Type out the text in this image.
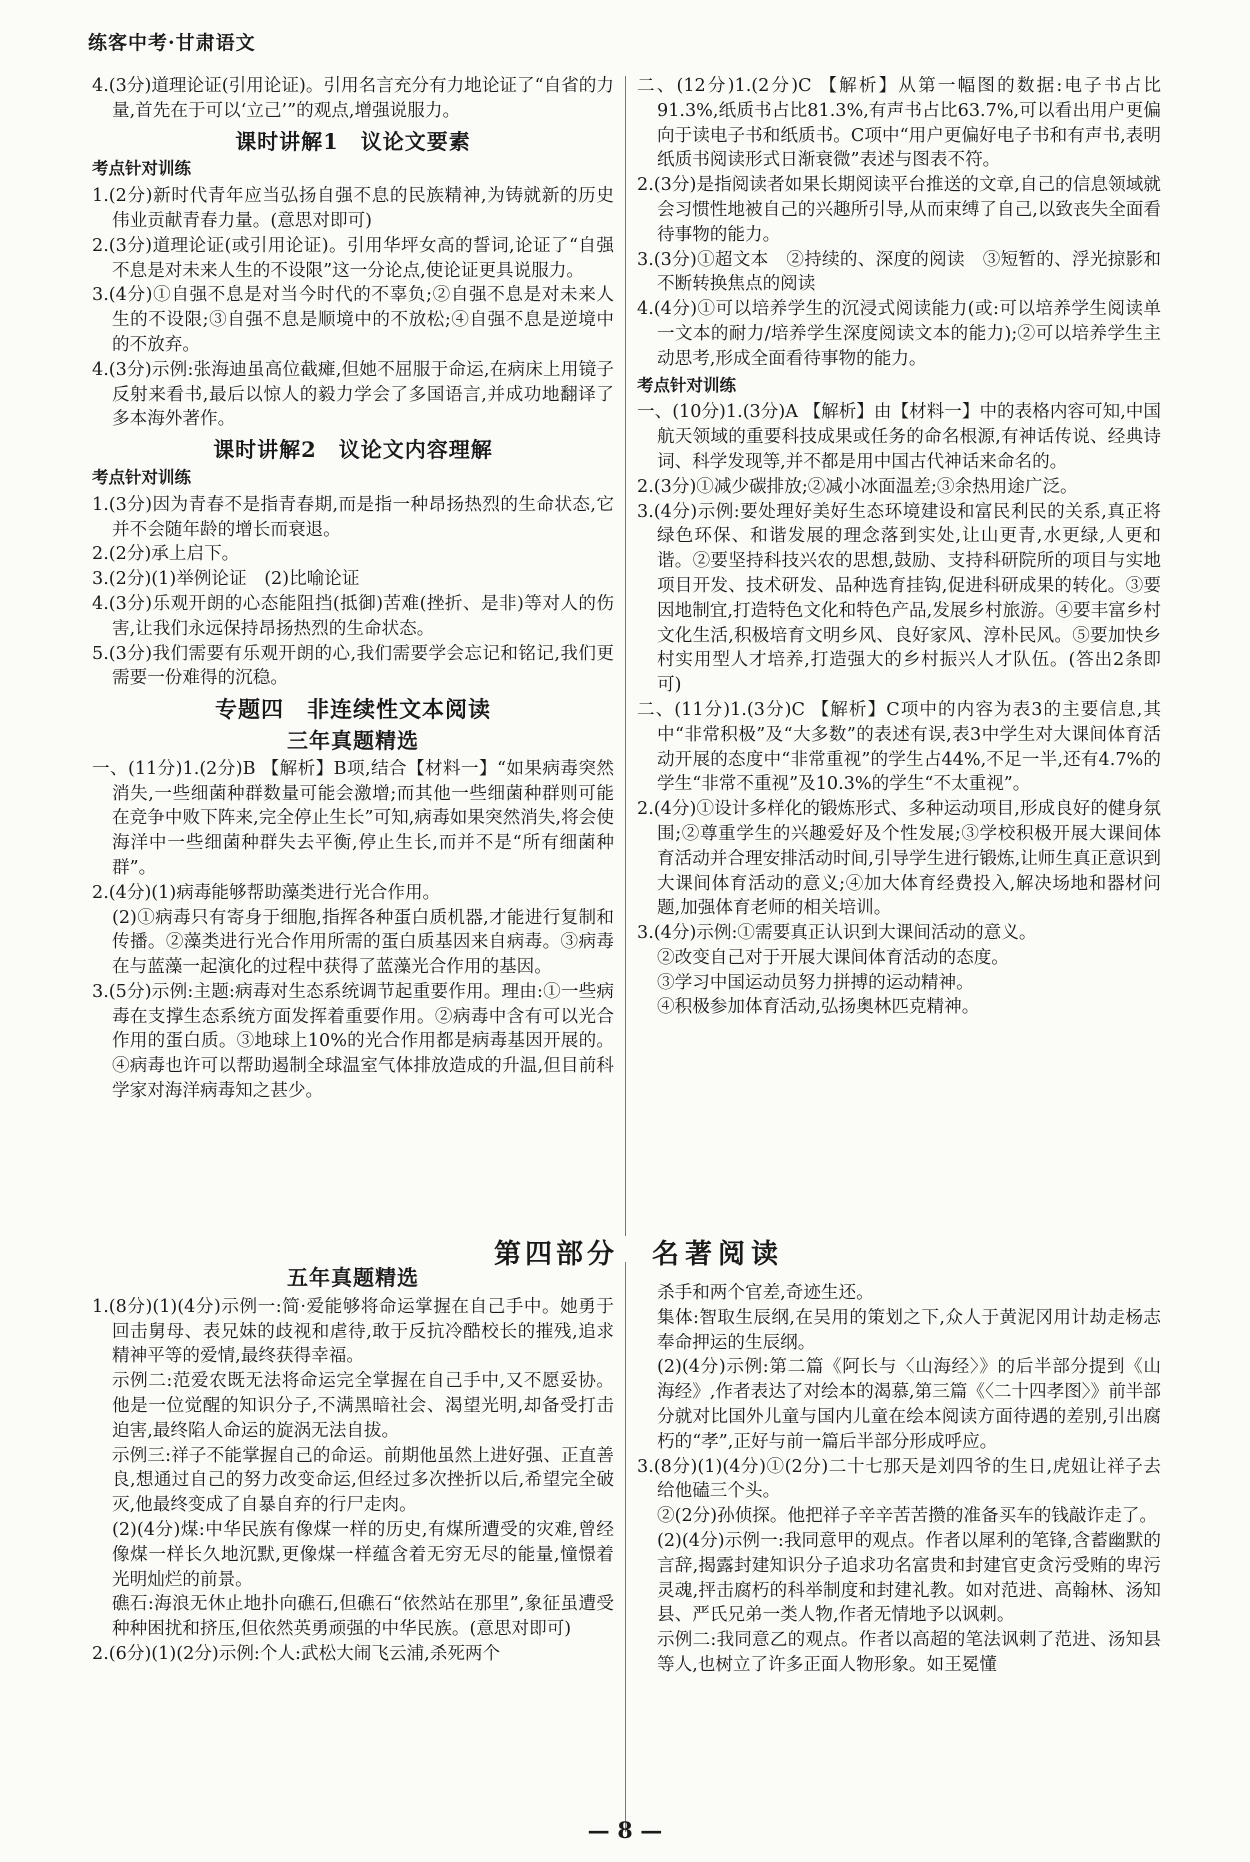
练客中考·甘肃语文

4.(3分)道理论证(引用论证)。引用名言充分有力地论证了“自省的力量,首先在于可以‘立己’”的观点,增强说服力。

课时讲解1　议论文要素

考点针对训练

1.(2分)新时代青年应当弘扬自强不息的民族精神,为铸就新的历史伟业贡献青春力量。(意思对即可)

2.(3分)道理论证(或引用论证)。引用华坪女高的誓词,论证了“自强不息是对未来人生的不设限”这一分论点,使论证更具说服力。

3.(4分)①自强不息是对当今时代的不辜负;②自强不息是对未来人生的不设限;③自强不息是顺境中的不放松;④自强不息是逆境中的不放弃。

4.(3分)示例:张海迪虽高位截瘫,但她不屈服于命运,在病床上用镜子反射来看书,最后以惊人的毅力学会了多国语言,并成功地翻译了多本海外著作。

课时讲解2　议论文内容理解

考点针对训练

1.(3分)因为青春不是指青春期,而是指一种昂扬热烈的生命状态,它并不会随年龄的增长而衰退。

2.(2分)承上启下。

3.(2分)(1)举例论证　(2)比喻论证

4.(3分)乐观开朗的心态能阻挡(抵御)苦难(挫折、是非)等对人的伤害,让我们永远保持昂扬热烈的生命状态。

5.(3分)我们需要有乐观开朗的心,我们需要学会忘记和铭记,我们更需要一份难得的沉稳。

专题四　非连续性文本阅读
三年真题精选

一、(11分)1.(2分)B 【解析】B项,结合【材料一】“如果病毒突然消失,一些细菌种群数量可能会激增;而其他一些细菌种群则可能在竞争中败下阵来,完全停止生长”可知,病毒如果突然消失,将会使海洋中一些细菌种群失去平衡,停止生长,而并不是“所有细菌种群”。

2.(4分)(1)病毒能够帮助藻类进行光合作用。

(2)①病毒只有寄身于细胞,指挥各种蛋白质机器,才能进行复制和传播。②藻类进行光合作用所需的蛋白质基因来自病毒。③病毒在与蓝藻一起演化的过程中获得了蓝藻光合作用的基因。

3.(5分)示例:主题:病毒对生态系统调节起重要作用。理由:①一些病毒在支撑生态系统方面发挥着重要作用。②病毒中含有可以光合作用的蛋白质。③地球上10%的光合作用都是病毒基因开展的。④病毒也许可以帮助遏制全球温室气体排放造成的升温,但目前科学家对海洋病毒知之甚少。

二、(12分)1.(2分)C 【解析】从第一幅图的数据:电子书占比91.3%,纸质书占比81.3%,有声书占比63.7%,可以看出用户更偏向于读电子书和纸质书。C项中“用户更偏好电子书和有声书,表明纸质书阅读形式日渐衰微”表述与图表不符。

2.(3分)是指阅读者如果长期阅读平台推送的文章,自己的信息领域就会习惯性地被自己的兴趣所引导,从而束缚了自己,以致丧失全面看待事物的能力。

3.(3分)①超文本　②持续的、深度的阅读　③短暂的、浮光掠影和不断转换焦点的阅读

4.(4分)①可以培养学生的沉浸式阅读能力(或:可以培养学生阅读单一文本的耐力/培养学生深度阅读文本的能力);②可以培养学生主动思考,形成全面看待事物的能力。

考点针对训练

一、(10分)1.(3分)A 【解析】由【材料一】中的表格内容可知,中国航天领域的重要科技成果或任务的命名根源,有神话传说、经典诗词、科学发现等,并不都是用中国古代神话来命名的。

2.(3分)①减少碳排放;②减小冰面温差;③余热用途广泛。

3.(4分)示例:要处理好美好生态环境建设和富民利民的关系,真正将绿色环保、和谐发展的理念落到实处,让山更青,水更绿,人更和谐。②要坚持科技兴农的思想,鼓励、支持科研院所的项目与实地项目开发、技术研发、品种选育挂钩,促进科研成果的转化。③要因地制宜,打造特色文化和特色产品,发展乡村旅游。④要丰富乡村文化生活,积极培育文明乡风、良好家风、淳朴民风。⑤要加快乡村实用型人才培养,打造强大的乡村振兴人才队伍。(答出2条即可)

二、(11分)1.(3分)C 【解析】C项中的内容为表3的主要信息,其中“非常积极”及“大多数”的表述有误,表3中学生对大课间体育活动开展的态度中“非常重视”的学生占44%,不足一半,还有4.7%的学生“非常不重视”及10.3%的学生“不太重视”。

2.(4分)①设计多样化的锻炼形式、多种运动项目,形成良好的健身氛围;②尊重学生的兴趣爱好及个性发展;③学校积极开展大课间体育活动并合理安排活动时间,引导学生进行锻炼,让师生真正意识到大课间体育活动的意义;④加大体育经费投入,解决场地和器材问题,加强体育老师的相关培训。

3.(4分)示例:①需要真正认识到大课间活动的意义。

②改变自己对于开展大课间体育活动的态度。

③学习中国运动员努力拼搏的运动精神。

④积极参加体育活动,弘扬奥林匹克精神。

第四部分 名著阅读
五年真题精选

1.(8分)(1)(4分)示例一:简·爱能够将命运掌握在自己手中。她勇于回击舅母、表兄妹的歧视和虐待,敢于反抗冷酷校长的摧残,追求精神平等的爱情,最终获得幸福。

示例二:范爱农既无法将命运完全掌握在自己手中,又不愿妥协。他是一位觉醒的知识分子,不满黑暗社会、渴望光明,却备受打击迫害,最终陷人命运的旋涡无法自拔。

示例三:祥子不能掌握自己的命运。前期他虽然上进好强、正直善良,想通过自己的努力改变命运,但经过多次挫折以后,希望完全破灭,他最终变成了自暴自弃的行尸走肉。

(2)(4分)煤:中华民族有像煤一样的历史,有煤所遭受的灾难,曾经像煤一样长久地沉默,更像煤一样蕴含着无穷无尽的能量,憧憬着光明灿烂的前景。

礁石:海浪无休止地扑向礁石,但礁石“依然站在那里”,象征虽遭受种种困扰和挤压,但依然英勇顽强的中华民族。(意思对即可)

2.(6分)(1)(2分)示例:个人:武松大闹飞云浦,杀死两个

杀手和两个官差,奇迹生还。

集体:智取生辰纲,在吴用的策划之下,众人于黄泥冈用计劫走杨志奉命押运的生辰纲。

(2)(4分)示例:第二篇《阿长与〈山海经〉》的后半部分提到《山海经》,作者表达了对绘本的渴慕,第三篇《〈二十四孝图〉》前半部分就对比国外儿童与国内儿童在绘本阅读方面待遇的差别,引出腐朽的“孝”,正好与前一篇后半部分形成呼应。

3.(8分)(1)(4分)①(2分)二十七那天是刘四爷的生日,虎妞让祥子去给他磕三个头。

②(2分)孙侦探。他把祥子辛辛苦苦攒的准备买车的钱敲诈走了。

(2)(4分)示例一:我同意甲的观点。作者以犀利的笔锋,含蓄幽默的言辞,揭露封建知识分子追求功名富贵和封建官吏贪污受贿的卑污灵魂,抨击腐朽的科举制度和封建礼教。如对范进、高翰林、汤知县、严氏兄弟一类人物,作者无情地予以讽刺。

示例二:我同意乙的观点。作者以高超的笔法讽刺了范进、汤知县等人,也树立了许多正面人物形象。如王冕懂

— 8 —
